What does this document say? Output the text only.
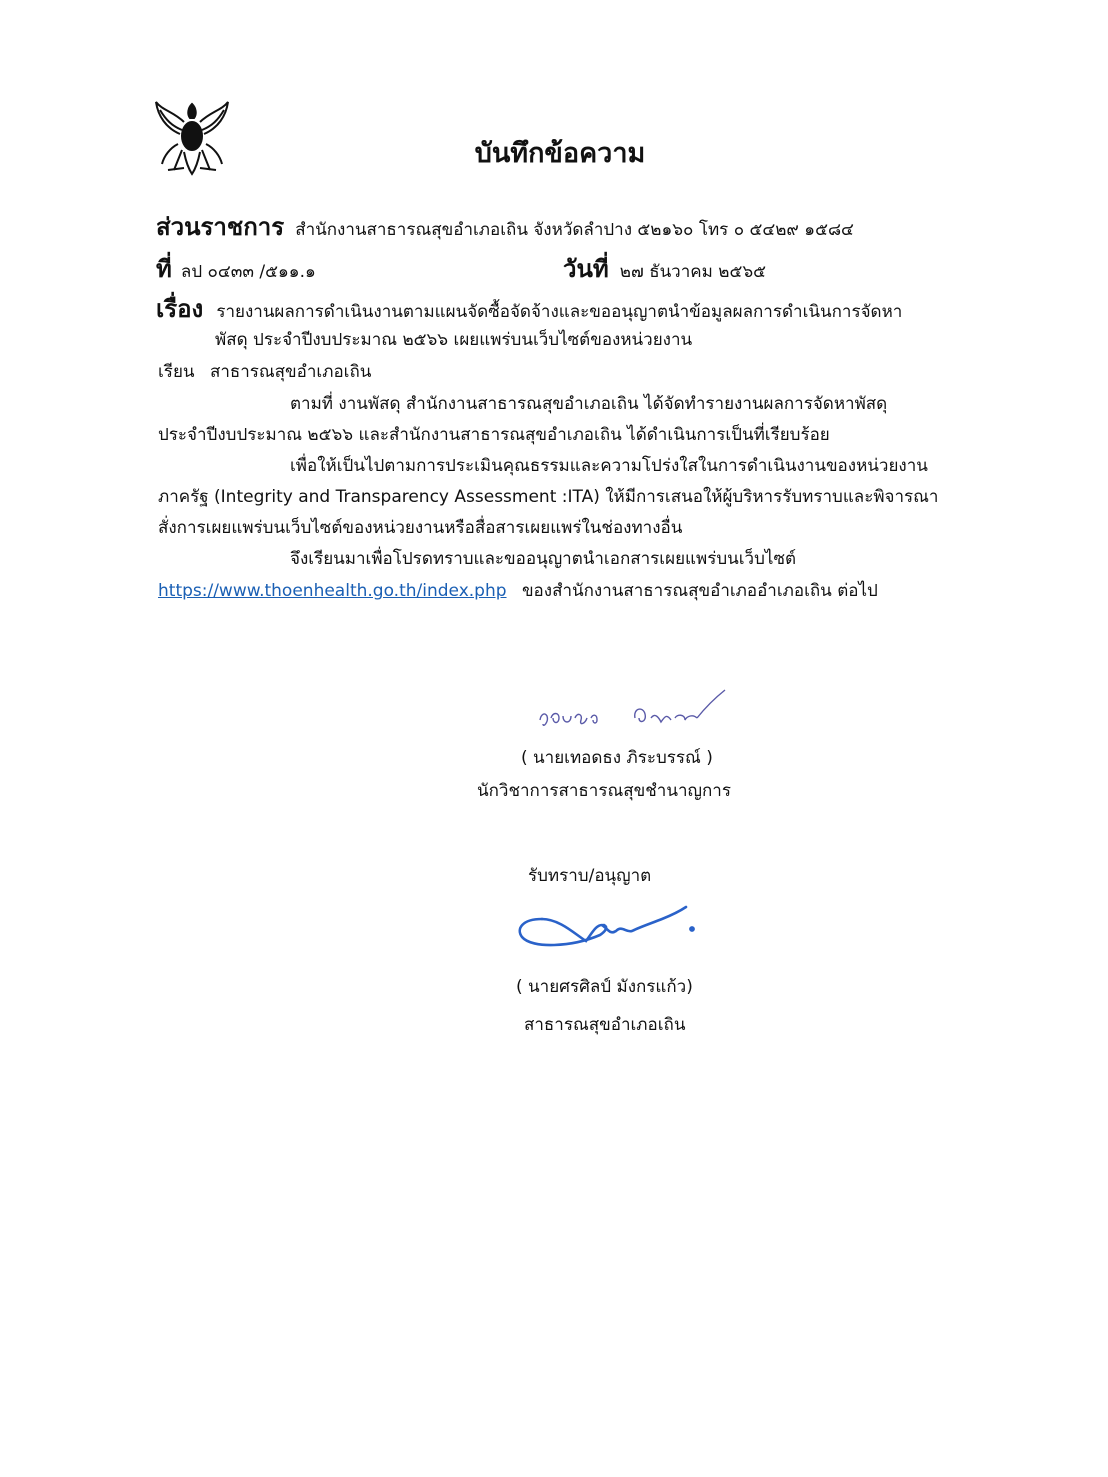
บันทึกข้อความ
ส่วนราชการ สำนักงานสาธารณสุขอำเภอเถิน จังหวัดลำปาง ๕๒๑๖๐ โทร ๐ ๕๔๒๙ ๑๕๘๔
ที่ ลป ๐๔๓๓ /๕๑๑.๑	วันที่ ๒๗ ธันวาคม ๒๕๖๕
เรื่อง รายงานผลการดำเนินงานตามแผนจัดซื้อจัดจ้างและขออนุญาตนำข้อมูลผลการดำเนินการจัดหา
พัสดุ ประจำปีงบประมาณ ๒๕๖๖ เผยแพร่บนเว็บไซต์ของหน่วยงาน
เรียน สาธารณสุขอำเภอเถิน
ตามที่ งานพัสดุ สำนักงานสาธารณสุขอำเภอเถิน ได้จัดทำรายงานผลการจัดหาพัสดุ
ประจำปีงบประมาณ ๒๕๖๖ และสำนักงานสาธารณสุขอำเภอเถิน ได้ดำเนินการเป็นที่เรียบร้อย
เพื่อให้เป็นไปตามการประเมินคุณธรรมและความโปร่งใสในการดำเนินงานของหน่วยงาน
ภาครัฐ (Integrity and Transparency Assessment :ITA) ให้มีการเสนอให้ผู้บริหารรับทราบและพิจารณา
สั่งการเผยแพร่บนเว็บไซต์ของหน่วยงานหรือสื่อสารเผยแพร่ในช่องทางอื่น
จึงเรียนมาเพื่อโปรดทราบและขออนุญาตนำเอกสารเผยแพร่บนเว็บไซต์
https://www.thoenhealth.go.th/index.php ของสำนักงานสาธารณสุขอำเภออำเภอเถิน ต่อไป
( นายเทอดธง ภิระบรรณ์ )
นักวิชาการสาธารณสุขชำนาญการ
รับทราบ/อนุญาต
( นายศรศิลป์ มังกรแก้ว)
สาธารณสุขอำเภอเถิน
